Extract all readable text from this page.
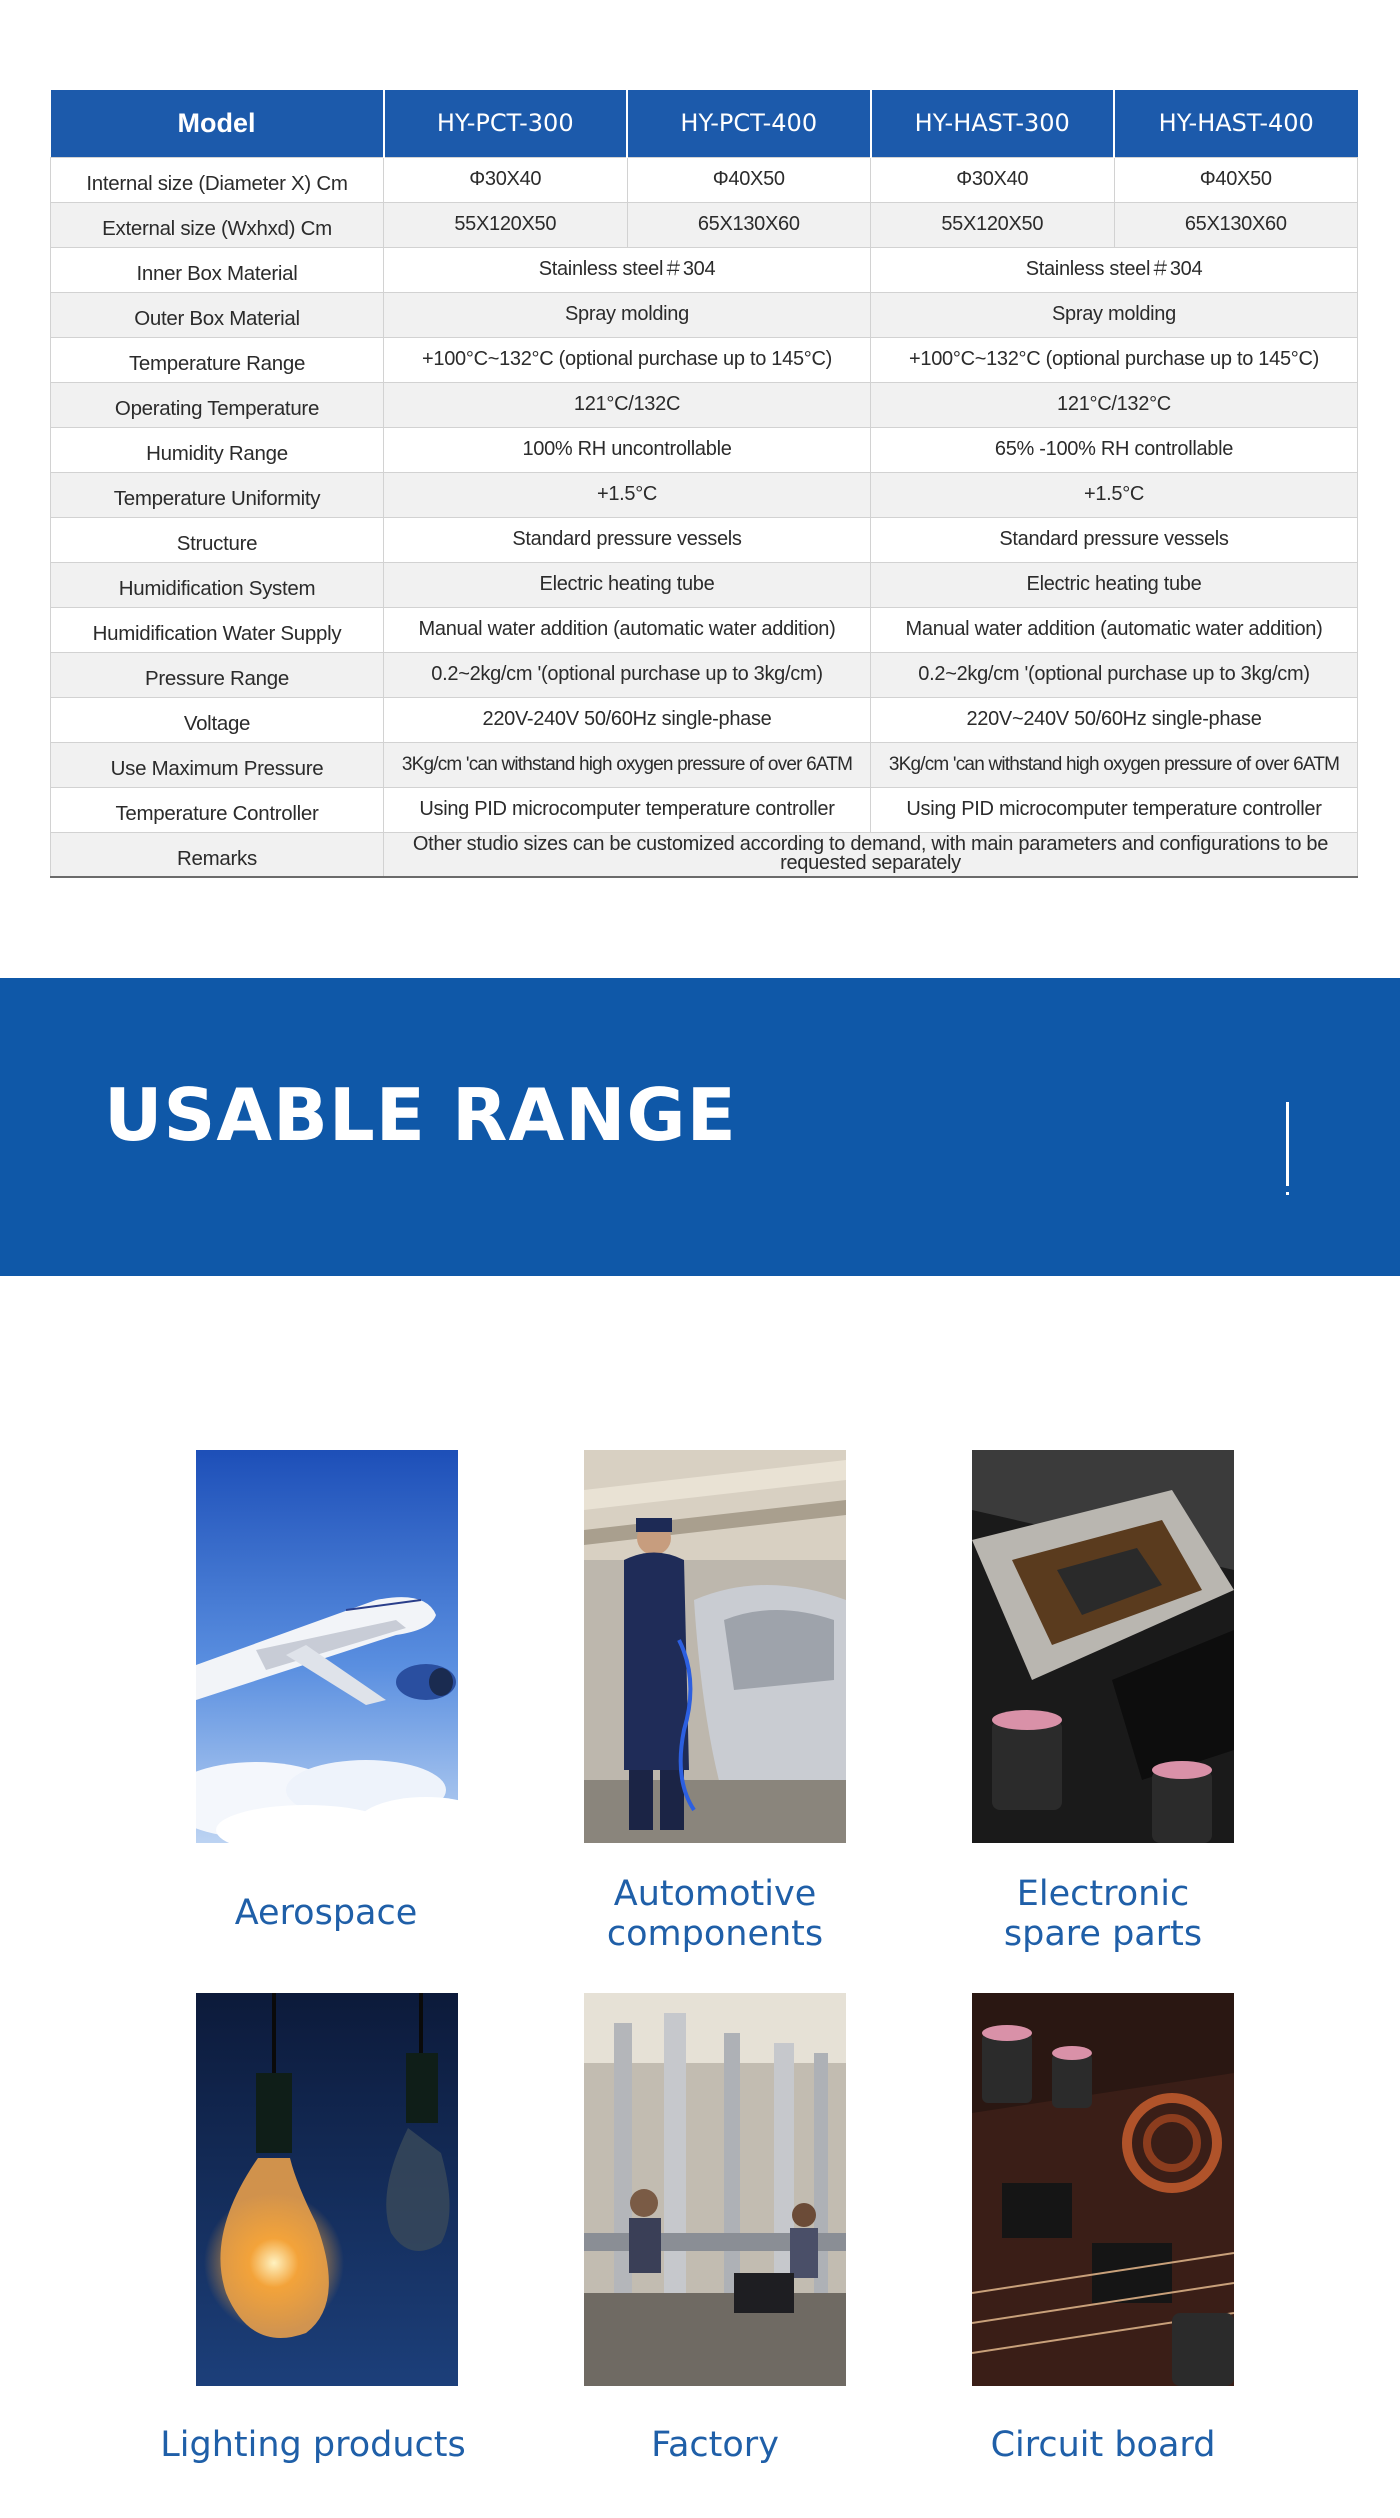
Model	HY-PCT-300	HY-PCT-400	HY-HAST-300	HY-HAST-400
Internal size (Diameter X) Cm	Φ30X40	Φ40X50	Φ30X40	Φ40X50
External size (Wxhxd) Cm	55X120X50	65X130X60	55X120X50	65X130X60
Inner Box Material	Stainless steel＃304		Stainless steel＃304	
Outer Box Material	Spray molding		Spray molding	
Temperature Range	+100°C~132°C (optional purchase up to 145°C)		+100°C~132°C (optional purchase up to 145°C)	
Operating Temperature	121°C/132C		121°C/132°C	
Humidity Range	100% RH uncontrollable		65% -100% RH controllable	
Temperature Uniformity	+1.5°C		+1.5°C	
Structure	Standard pressure vessels		Standard pressure vessels	
Humidification System	Electric heating tube		Electric heating tube	
Humidification Water Supply	Manual water addition (automatic water addition)		Manual water addition (automatic water addition)	
Pressure Range	0.2~2kg/cm '(optional purchase up to 3kg/cm)		0.2~2kg/cm '(optional purchase up to 3kg/cm)	
Voltage	220V-240V 50/60Hz single-phase		220V~240V 50/60Hz single-phase	
Use Maximum Pressure	3Kg/cm 'can withstand high oxygen pressure of over 6ATM		3Kg/cm 'can withstand high oxygen pressure of over 6ATM	
Temperature Controller	Using PID microcomputer temperature controller		Using PID microcomputer temperature controller	
Remarks	Other studio sizes can be customized according to demand, with main parameters and configurations to be requested separately			
USABLE RANGE
Aerospace	Automotive
components
Electronic
spare parts
Lighting products	Factory	Circuit board
